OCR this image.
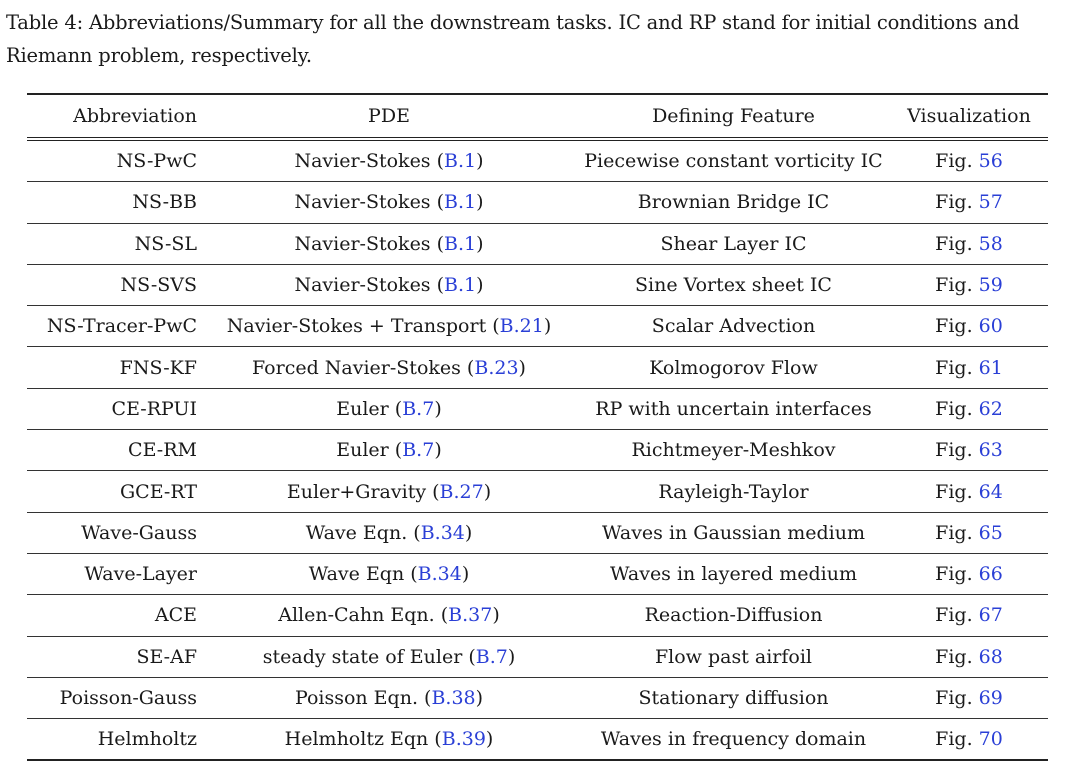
Table 4: Abbreviations/Summary for all the downstream tasks. IC and RP stand for initial conditions and Riemann problem, respectively.
Abbreviation	PDE	Defining Feature	Visualization
NS-PwC	Navier-Stokes (B.1)	Piecewise constant vorticity IC	Fig. 56
NS-BB	Navier-Stokes (B.1)	Brownian Bridge IC	Fig. 57
NS-SL	Navier-Stokes (B.1)	Shear Layer IC	Fig. 58
NS-SVS	Navier-Stokes (B.1)	Sine Vortex sheet IC	Fig. 59
NS-Tracer-PwC	Navier-Stokes + Transport (B.21)	Scalar Advection	Fig. 60
FNS-KF	Forced Navier-Stokes (B.23)	Kolmogorov Flow	Fig. 61
CE-RPUI	Euler (B.7)	RP with uncertain interfaces	Fig. 62
CE-RM	Euler (B.7)	Richtmeyer-Meshkov	Fig. 63
GCE-RT	Euler+Gravity (B.27)	Rayleigh-Taylor	Fig. 64
Wave-Gauss	Wave Eqn. (B.34)	Waves in Gaussian medium	Fig. 65
Wave-Layer	Wave Eqn (B.34)	Waves in layered medium	Fig. 66
ACE	Allen-Cahn Eqn. (B.37)	Reaction-Diffusion	Fig. 67
SE-AF	steady state of Euler (B.7)	Flow past airfoil	Fig. 68
Poisson-Gauss	Poisson Eqn. (B.38)	Stationary diffusion	Fig. 69
Helmholtz	Helmholtz Eqn (B.39)	Waves in frequency domain	Fig. 70
